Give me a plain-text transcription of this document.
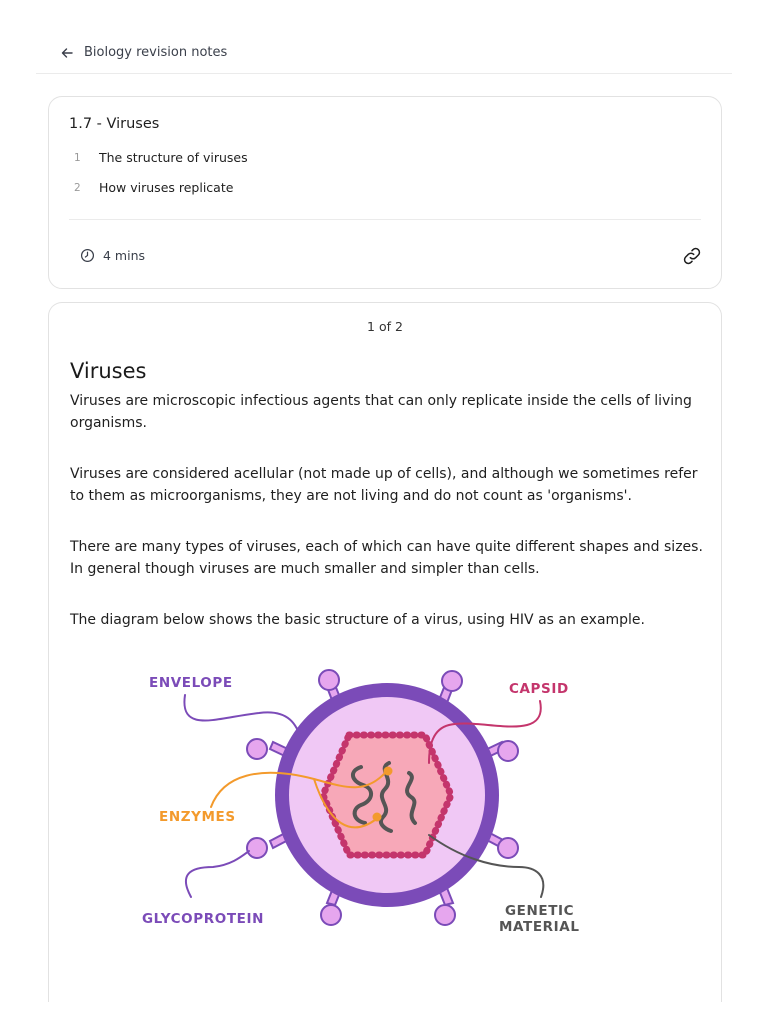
Biology revision notes
1.7 - Viruses
1	The structure of viruses
2	How viruses replicate
4 mins
1 of 2
Viruses

Viruses are microscopic infectious agents that can only replicate inside the cells of living organisms.

Viruses are considered acellular (not made up of cells), and although we sometimes refer to them as microorganisms, they are not living and do not count as 'organisms'.

There are many types of viruses, each of which can have quite different shapes and sizes. In general though viruses are much smaller and simpler than cells.

The diagram below shows the basic structure of a virus, using HIV as an example.

ENVELOPE	CAPSID
ENZYMES
GLYCOPROTEIN	GENETIC
MATERIAL
